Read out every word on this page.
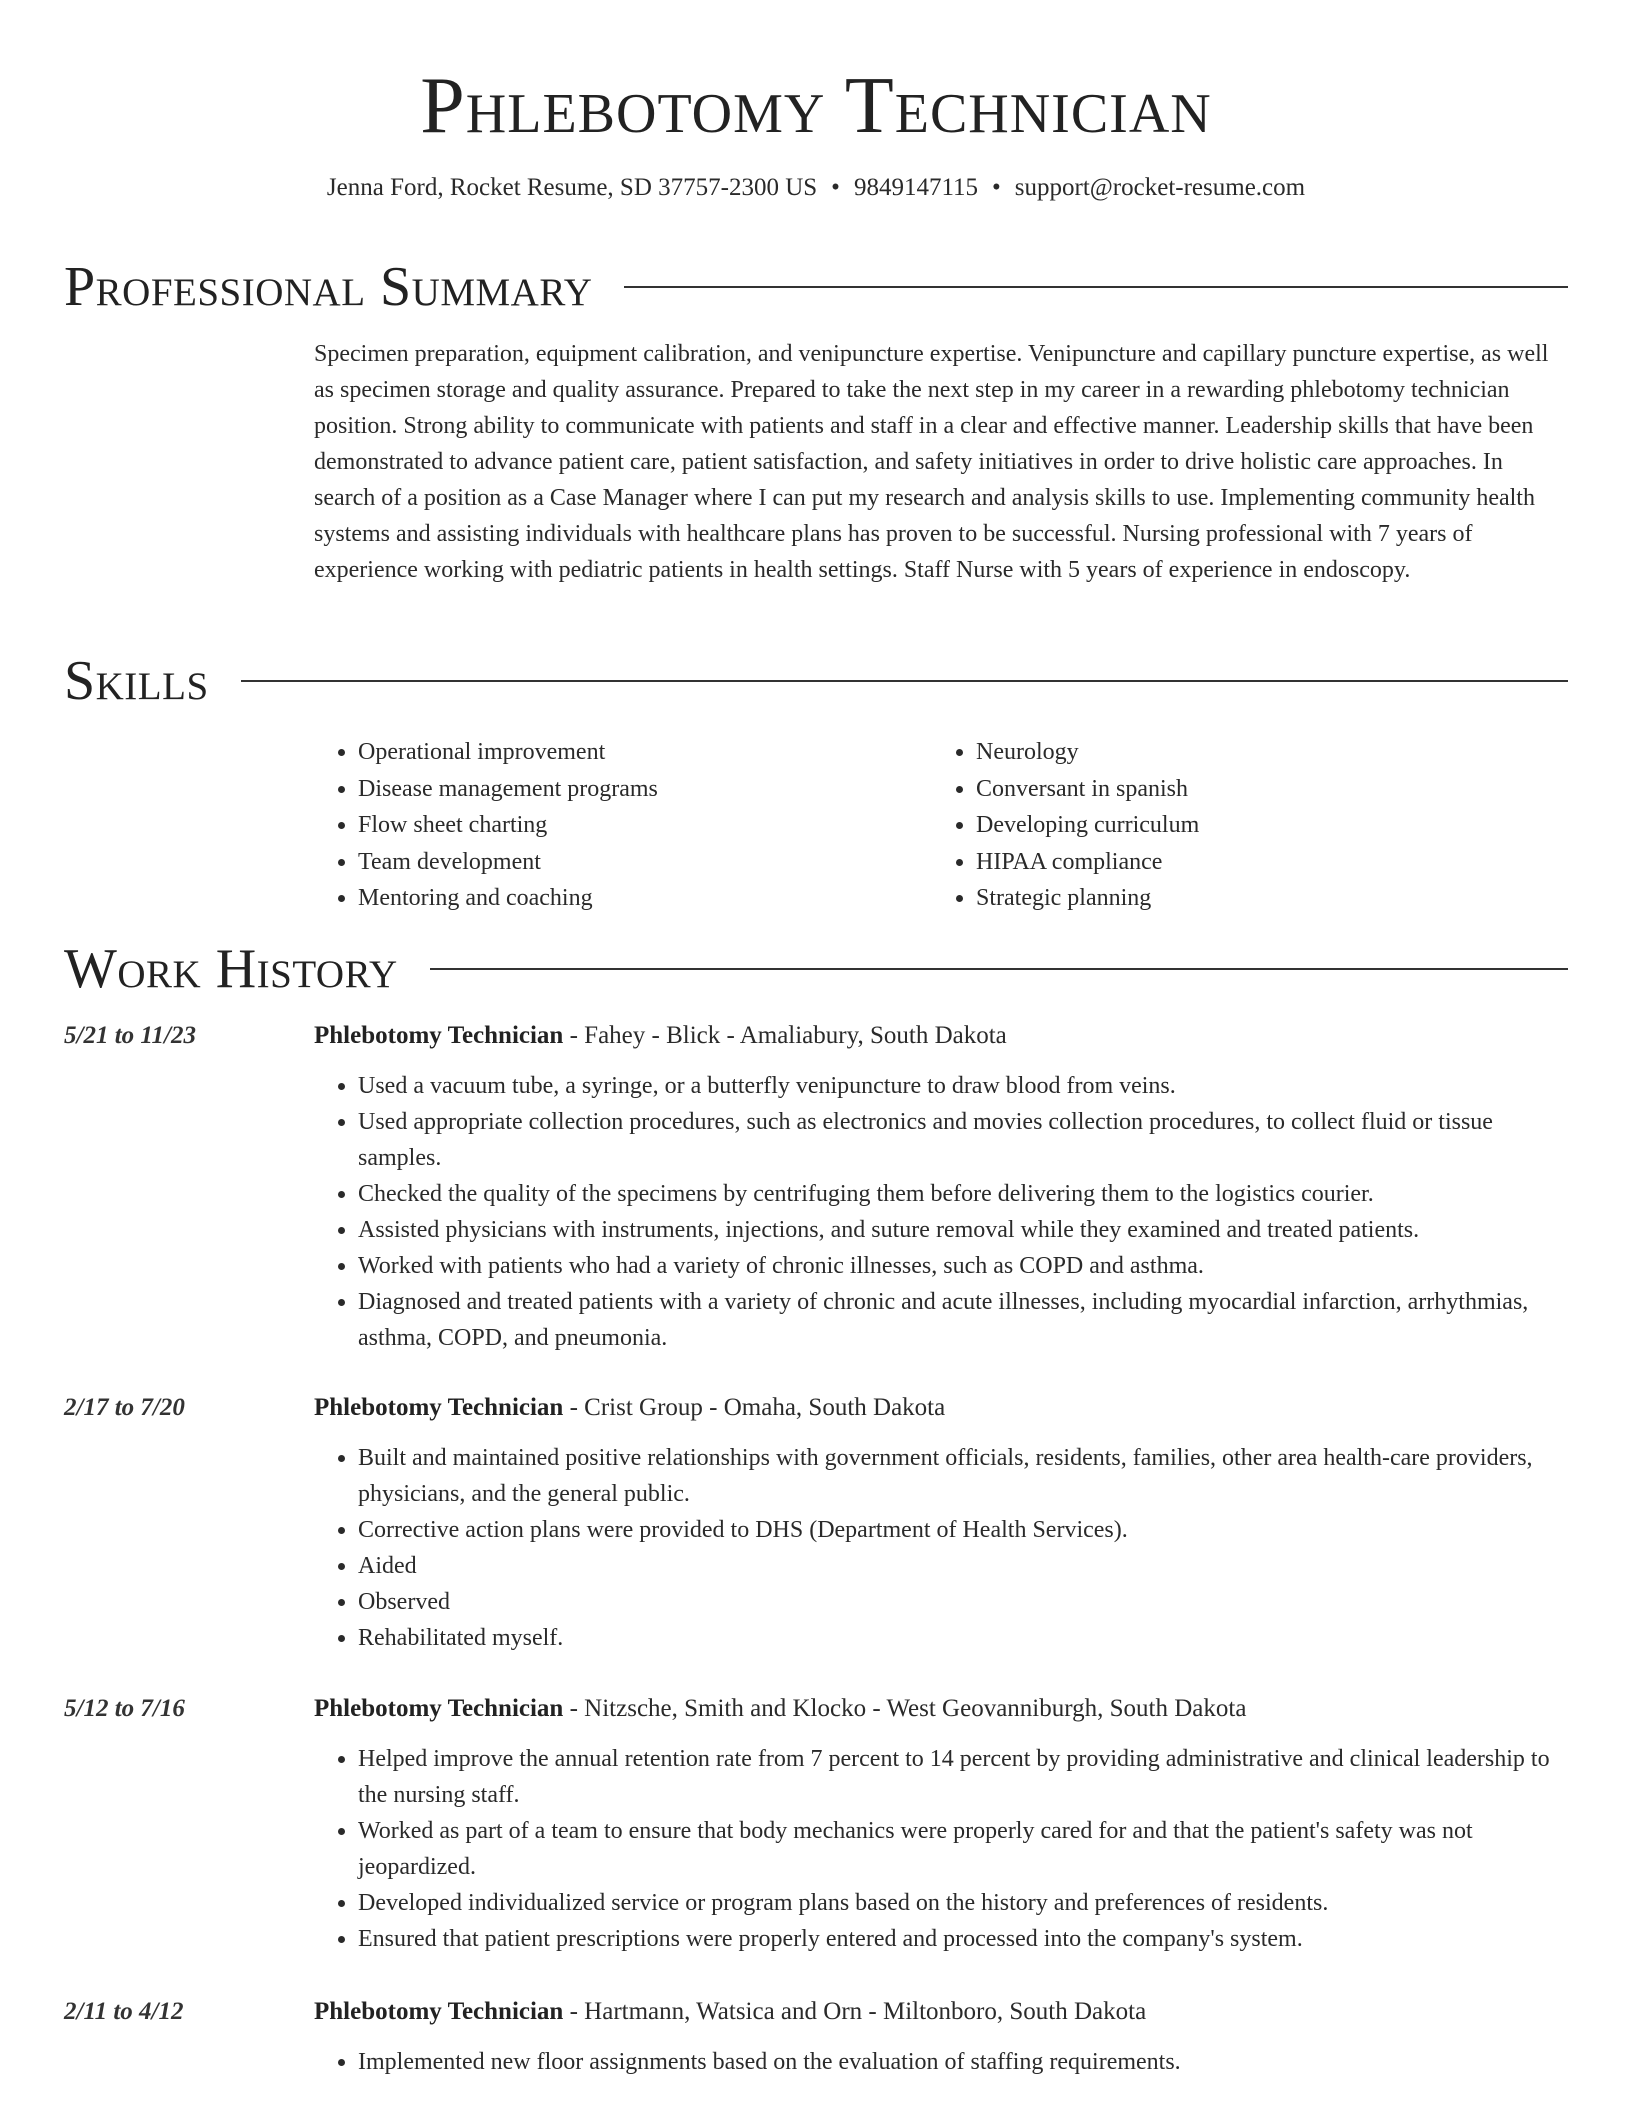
Phlebotomy Technician
Jenna Ford, Rocket Resume, SD 37757-2300 US • 9849147115 • support@rocket-resume.com
Professional Summary
Specimen preparation, equipment calibration, and venipuncture expertise. Venipuncture and capillary puncture expertise, as well as specimen storage and quality assurance. Prepared to take the next step in my career in a rewarding phlebotomy technician position. Strong ability to communicate with patients and staff in a clear and effective manner. Leadership skills that have been demonstrated to advance patient care, patient satisfaction, and safety initiatives in order to drive holistic care approaches. In search of a position as a Case Manager where I can put my research and analysis skills to use. Implementing community health systems and assisting individuals with healthcare plans has proven to be successful. Nursing professional with 7 years of experience working with pediatric patients in health settings. Staff Nurse with 5 years of experience in endoscopy.
Skills
• Operational improvement
• Disease management programs
• Flow sheet charting
• Team development
• Mentoring and coaching
• Neurology
• Conversant in spanish
• Developing curriculum
• HIPAA compliance
• Strategic planning
Work History
5/21 to 11/23	Phlebotomy Technician - Fahey - Blick - Amaliabury, South Dakota
• Used a vacuum tube, a syringe, or a butterfly venipuncture to draw blood from veins.
• Used appropriate collection procedures, such as electronics and movies collection procedures, to collect fluid or tissue samples.
• Checked the quality of the specimens by centrifuging them before delivering them to the logistics courier.
• Assisted physicians with instruments, injections, and suture removal while they examined and treated patients.
• Worked with patients who had a variety of chronic illnesses, such as COPD and asthma.
• Diagnosed and treated patients with a variety of chronic and acute illnesses, including myocardial infarction, arrhythmias, asthma, COPD, and pneumonia.
2/17 to 7/20	Phlebotomy Technician - Crist Group - Omaha, South Dakota
• Built and maintained positive relationships with government officials, residents, families, other area health-care providers, physicians, and the general public.
• Corrective action plans were provided to DHS (Department of Health Services).
• Aided
• Observed
• Rehabilitated myself.
5/12 to 7/16	Phlebotomy Technician - Nitzsche, Smith and Klocko - West Geovanniburgh, South Dakota
• Helped improve the annual retention rate from 7 percent to 14 percent by providing administrative and clinical leadership to the nursing staff.
• Worked as part of a team to ensure that body mechanics were properly cared for and that the patient's safety was not jeopardized.
• Developed individualized service or program plans based on the history and preferences of residents.
• Ensured that patient prescriptions were properly entered and processed into the company's system.
2/11 to 4/12	Phlebotomy Technician - Hartmann, Watsica and Orn - Miltonboro, South Dakota
• Implemented new floor assignments based on the evaluation of staffing requirements.
